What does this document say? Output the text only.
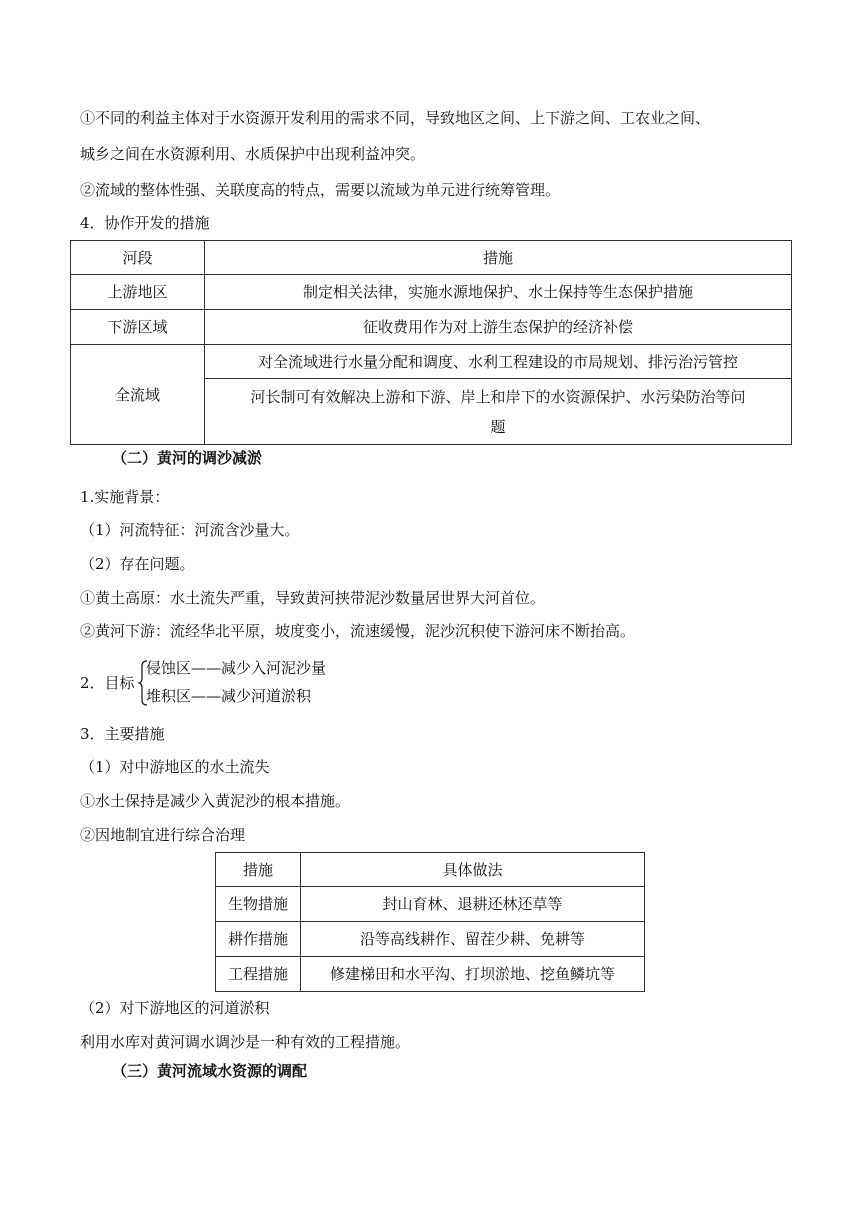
①不同的利益主体对于水资源开发利用的需求不同，导致地区之间、上下游之间、工农业之间、
城乡之间在水资源利用、水质保护中出现利益冲突。
②流域的整体性强、关联度高的特点，需要以流域为单元进行统筹管理。
4．协作开发的措施
河段	措施
上游地区	制定相关法律，实施水源地保护、水土保持等生态保护措施
下游区域	征收费用作为对上游生态保护的经济补偿
全流域	对全流域进行水量分配和调度、水利工程建设的市局规划、排污治污管控
	河长制可有效解决上游和下游、岸上和岸下的水资源保护、水污染防治等问
题
（二）黄河的调沙减淤
1.实施背景：
（1）河流特征：河流含沙量大。
（2）存在问题。
①黄土高原：水土流失严重，导致黄河挟带泥沙数量居世界大河首位。
②黄河下游：流经华北平原，坡度变小，流速缓慢，泥沙沉积使下游河床不断抬高。
2．目标
侵蚀区——减少入河泥沙量
堆积区——减少河道淤积
3．主要措施
（1）对中游地区的水土流失
①水土保持是减少入黄泥沙的根本措施。
②因地制宜进行综合治理
措施	具体做法
生物措施	封山育林、退耕还林还草等
耕作措施	沿等高线耕作、留茬少耕、免耕等
工程措施	修建梯田和水平沟、打坝淤地、挖鱼鳞坑等
（2）对下游地区的河道淤积
利用水库对黄河调水调沙是一种有效的工程措施。
（三）黄河流域水资源的调配
